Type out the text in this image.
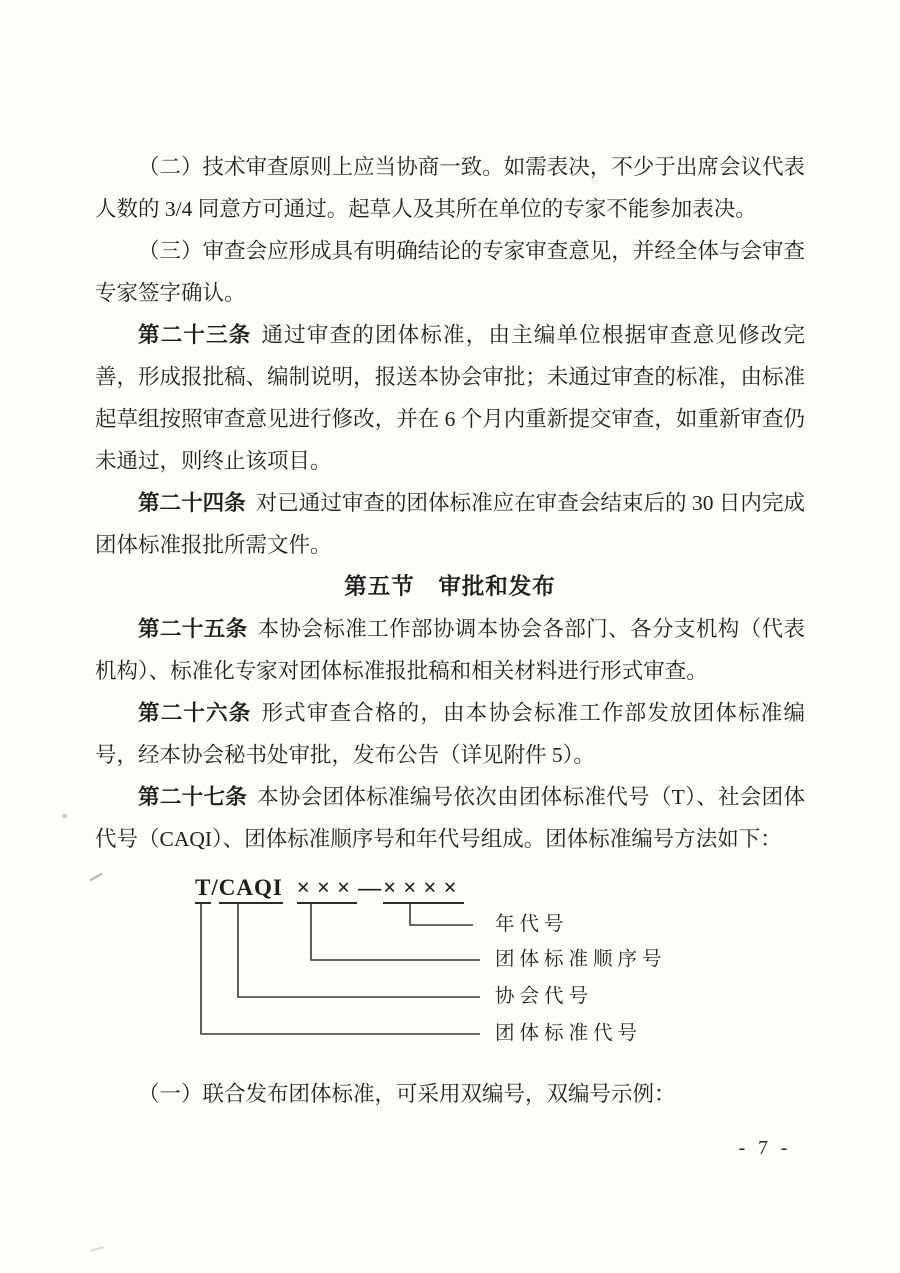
（二）技术审查原则上应当协商一致。如需表决，不少于出席会议代表人数的 3/4 同意方可通过。起草人及其所在单位的专家不能参加表决。

（三）审查会应形成具有明确结论的专家审查意见，并经全体与会审查专家签字确认。

第二十三条 通过审查的团体标准，由主编单位根据审查意见修改完善，形成报批稿、编制说明，报送本协会审批；未通过审查的标准，由标准起草组按照审查意见进行修改，并在 6 个月内重新提交审查，如重新审查仍未通过，则终止该项目。

第二十四条 对已通过审查的团体标准应在审查会结束后的 30 日内完成团体标准报批所需文件。

第五节　审批和发布

第二十五条 本协会标准工作部协调本协会各部门、各分支机构（代表机构）、标准化专家对团体标准报批稿和相关材料进行形式审查。

第二十六条 形式审查合格的，由本协会标准工作部发放团体标准编号，经本协会秘书处审批，发布公告（详见附件 5）。

第二十七条 本协会团体标准编号依次由团体标准代号（T）、社会团体代号（CAQI）、团体标准顺序号和年代号组成。团体标准编号方法如下：

T/CAQI ×××—××××
年代号
团体标准顺序号
协会代号
团体标准代号

（一）联合发布团体标准，可采用双编号，双编号示例：

- 7 -
